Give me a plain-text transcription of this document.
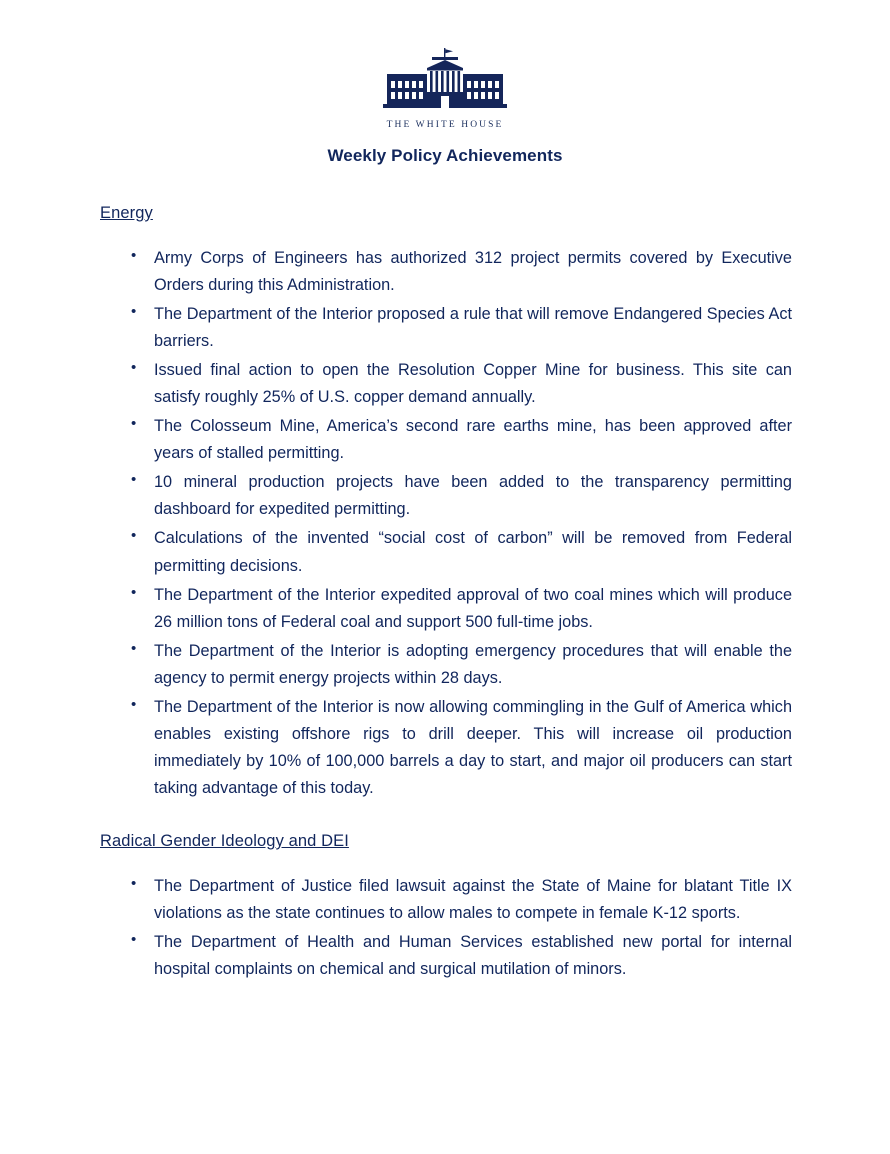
THE WHITE HOUSE
Weekly Policy Achievements
Energy
• Army Corps of Engineers has authorized 312 project permits covered by Executive Orders during this Administration.
• The Department of the Interior proposed a rule that will remove Endangered Species Act barriers.
• Issued final action to open the Resolution Copper Mine for business. This site can satisfy roughly 25% of U.S. copper demand annually.
• The Colosseum Mine, America’s second rare earths mine, has been approved after years of stalled permitting.
• 10 mineral production projects have been added to the transparency permitting dashboard for expedited permitting.
• Calculations of the invented “social cost of carbon” will be removed from Federal permitting decisions.
• The Department of the Interior expedited approval of two coal mines which will produce 26 million tons of Federal coal and support 500 full-time jobs.
• The Department of the Interior is adopting emergency procedures that will enable the agency to permit energy projects within 28 days.
• The Department of the Interior is now allowing commingling in the Gulf of America which enables existing offshore rigs to drill deeper. This will increase oil production immediately by 10% of 100,000 barrels a day to start, and major oil producers can start taking advantage of this today.
Radical Gender Ideology and DEI
• The Department of Justice filed lawsuit against the State of Maine for blatant Title IX violations as the state continues to allow males to compete in female K-12 sports.
• The Department of Health and Human Services established new portal for internal hospital complaints on chemical and surgical mutilation of minors.
